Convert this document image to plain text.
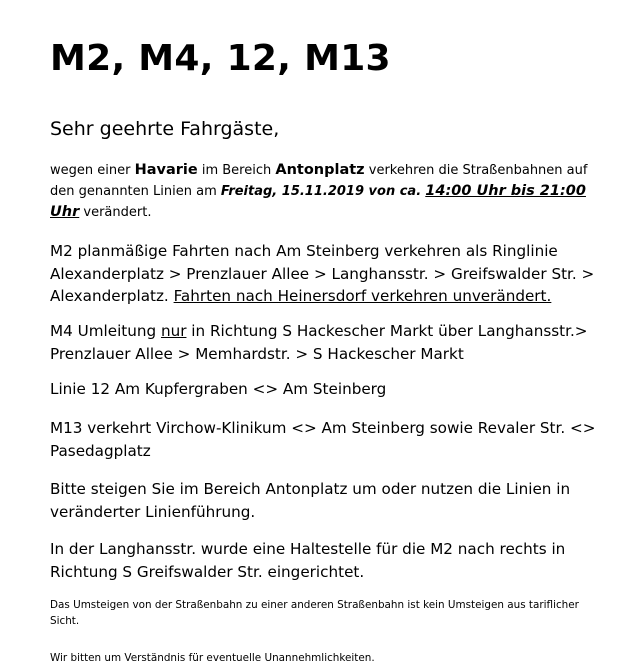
M2, M4, 12, M13
Sehr geehrte Fahrgäste,
wegen einer Havarie im Bereich Antonplatz verkehren die Straßenbahnen auf den genannten Linien am Freitag, 15.11.2019 von ca. 14:00 Uhr bis 21:00 Uhr verändert.
M2 planmäßige Fahrten nach Am Steinberg verkehren als Ringlinie Alexanderplatz > Prenzlauer Allee > Langhansstr. > Greifswalder Str. > Alexanderplatz. Fahrten nach Heinersdorf verkehren unverändert.
M4 Umleitung nur in Richtung S Hackescher Markt über Langhansstr.> Prenzlauer Allee > Memhardstr. > S Hackescher Markt
Linie 12 Am Kupfergraben <> Am Steinberg
M13 verkehrt Virchow-Klinikum <> Am Steinberg sowie Revaler Str. <> Pasedagplatz
Bitte steigen Sie im Bereich Antonplatz um oder nutzen die Linien in veränderter Linienführung.
In der Langhansstr. wurde eine Haltestelle für die M2 nach rechts in Richtung S Greifswalder Str. eingerichtet.
Das Umsteigen von der Straßenbahn zu einer anderen Straßenbahn ist kein Umsteigen aus tariflicher Sicht.
Wir bitten um Verständnis für eventuelle Unannehmlichkeiten.
